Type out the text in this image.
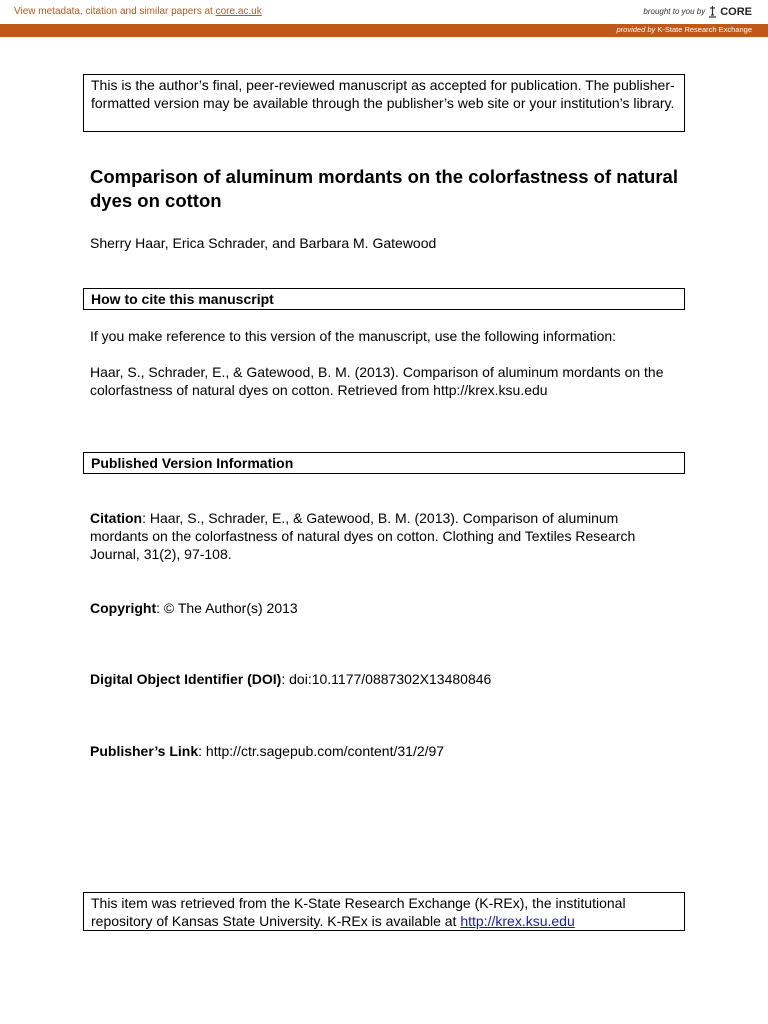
View metadata, citation and similar papers at core.ac.uk	brought to you by CORE
provided by K-State Research Exchange
This is the author’s final, peer-reviewed manuscript as accepted for publication. The publisher-formatted version may be available through the publisher’s web site or your institution’s library.
Comparison of aluminum mordants on the colorfastness of natural dyes on cotton
Sherry Haar, Erica Schrader, and Barbara M. Gatewood
How to cite this manuscript
If you make reference to this version of the manuscript, use the following information:
Haar, S., Schrader, E., & Gatewood, B. M. (2013). Comparison of aluminum mordants on the colorfastness of natural dyes on cotton. Retrieved from http://krex.ksu.edu
Published Version Information
Citation: Haar, S., Schrader, E., & Gatewood, B. M. (2013). Comparison of aluminum mordants on the colorfastness of natural dyes on cotton. Clothing and Textiles Research Journal, 31(2), 97-108.
Copyright: © The Author(s) 2013
Digital Object Identifier (DOI): doi:10.1177/0887302X13480846
Publisher’s Link: http://ctr.sagepub.com/content/31/2/97
This item was retrieved from the K-State Research Exchange (K-REx), the institutional repository of Kansas State University. K-REx is available at http://krex.ksu.edu
